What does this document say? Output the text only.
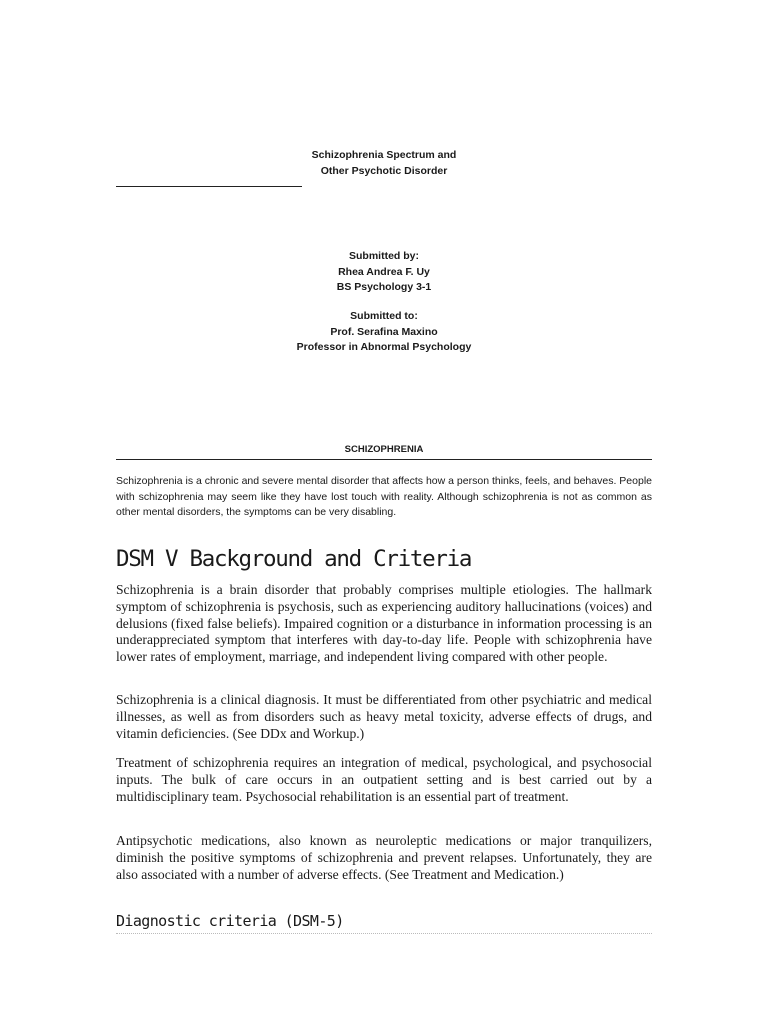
Schizophrenia Spectrum and
Other Psychotic Disorder
Submitted by:
Rhea Andrea F. Uy
BS Psychology 3-1
Submitted to:
Prof. Serafina Maxino
Professor in Abnormal Psychology
SCHIZOPHRENIA

Schizophrenia is a chronic and severe mental disorder that affects how a person thinks, feels, and behaves. People with schizophrenia may seem like they have lost touch with reality. Although schizophrenia is not as common as other mental disorders, the symptoms can be very disabling.

DSM V Background and Criteria

Schizophrenia is a brain disorder that probably comprises multiple etiologies. The hallmark symptom of schizophrenia is psychosis, such as experiencing auditory hallucinations (voices) and delusions (fixed false beliefs). Impaired cognition or a disturbance in information processing is an underappreciated symptom that interferes with day-to-day life. People with schizophrenia have lower rates of employment, marriage, and independent living compared with other people.

Schizophrenia is a clinical diagnosis. It must be differentiated from other psychiatric and medical illnesses, as well as from disorders such as heavy metal toxicity, adverse effects of drugs, and vitamin deficiencies. (See DDx and Workup.)

Treatment of schizophrenia requires an integration of medical, psychological, and psychosocial inputs. The bulk of care occurs in an outpatient setting and is best carried out by a multidisciplinary team. Psychosocial rehabilitation is an essential part of treatment.

Antipsychotic medications, also known as neuroleptic medications or major tranquilizers, diminish the positive symptoms of schizophrenia and prevent relapses. Unfortunately, they are also associated with a number of adverse effects. (See Treatment and Medication.)

Diagnostic criteria (DSM-5)
